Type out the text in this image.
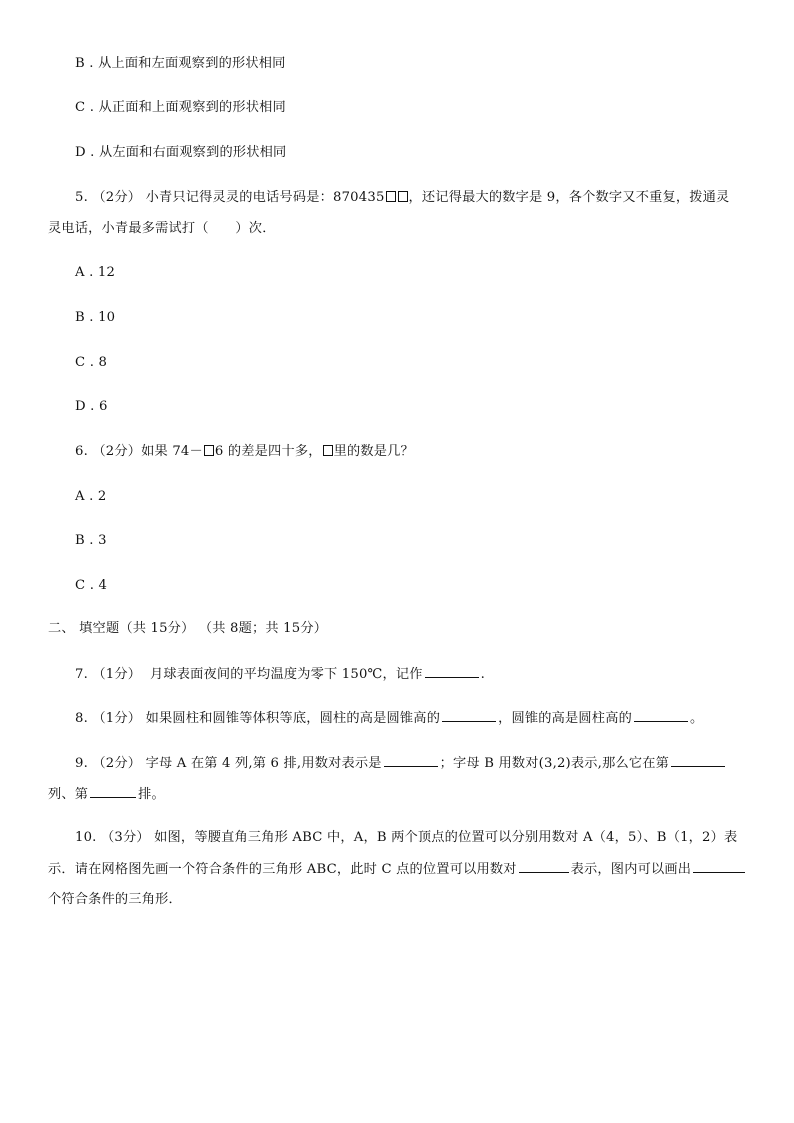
B . 从上面和左面观察到的形状相同
C . 从正面和上面观察到的形状相同
D . 从左面和右面观察到的形状相同
5. （2分） 小青只记得灵灵的电话号码是：870435 ，还记得最大的数字是 9，各个数字又不重复，拨通灵
灵电话，小青最多需试打（　　）次．
A . 12
B . 10
C . 8
D . 6
6. （2分）如果 74－ 6 的差是四十多， 里的数是几？
A . 2
B . 3
C . 4
二、 填空题（共 15分） （共 8题；共 15分）
7. （1分） 月球表面夜间的平均温度为零下 150℃，记作	.
8. （1分） 如果圆柱和圆锥等体积等底，圆柱的高是圆锥高的	，圆锥的高是圆柱高的	。
9. （2分） 字母 A 在第 4 列,第 6 排,用数对表示是	；字母 B 用数对(3,2)表示,那么它在第
列、第	排。
10. （3分） 如图，等腰直角三角形 ABC 中，A，B 两个顶点的位置可以分别用数对 A（4，5）、B（1，2）表
示．请在网格图先画一个符合条件的三角形 ABC，此时 C 点的位置可以用数对	表示，图内可以画出
个符合条件的三角形．
